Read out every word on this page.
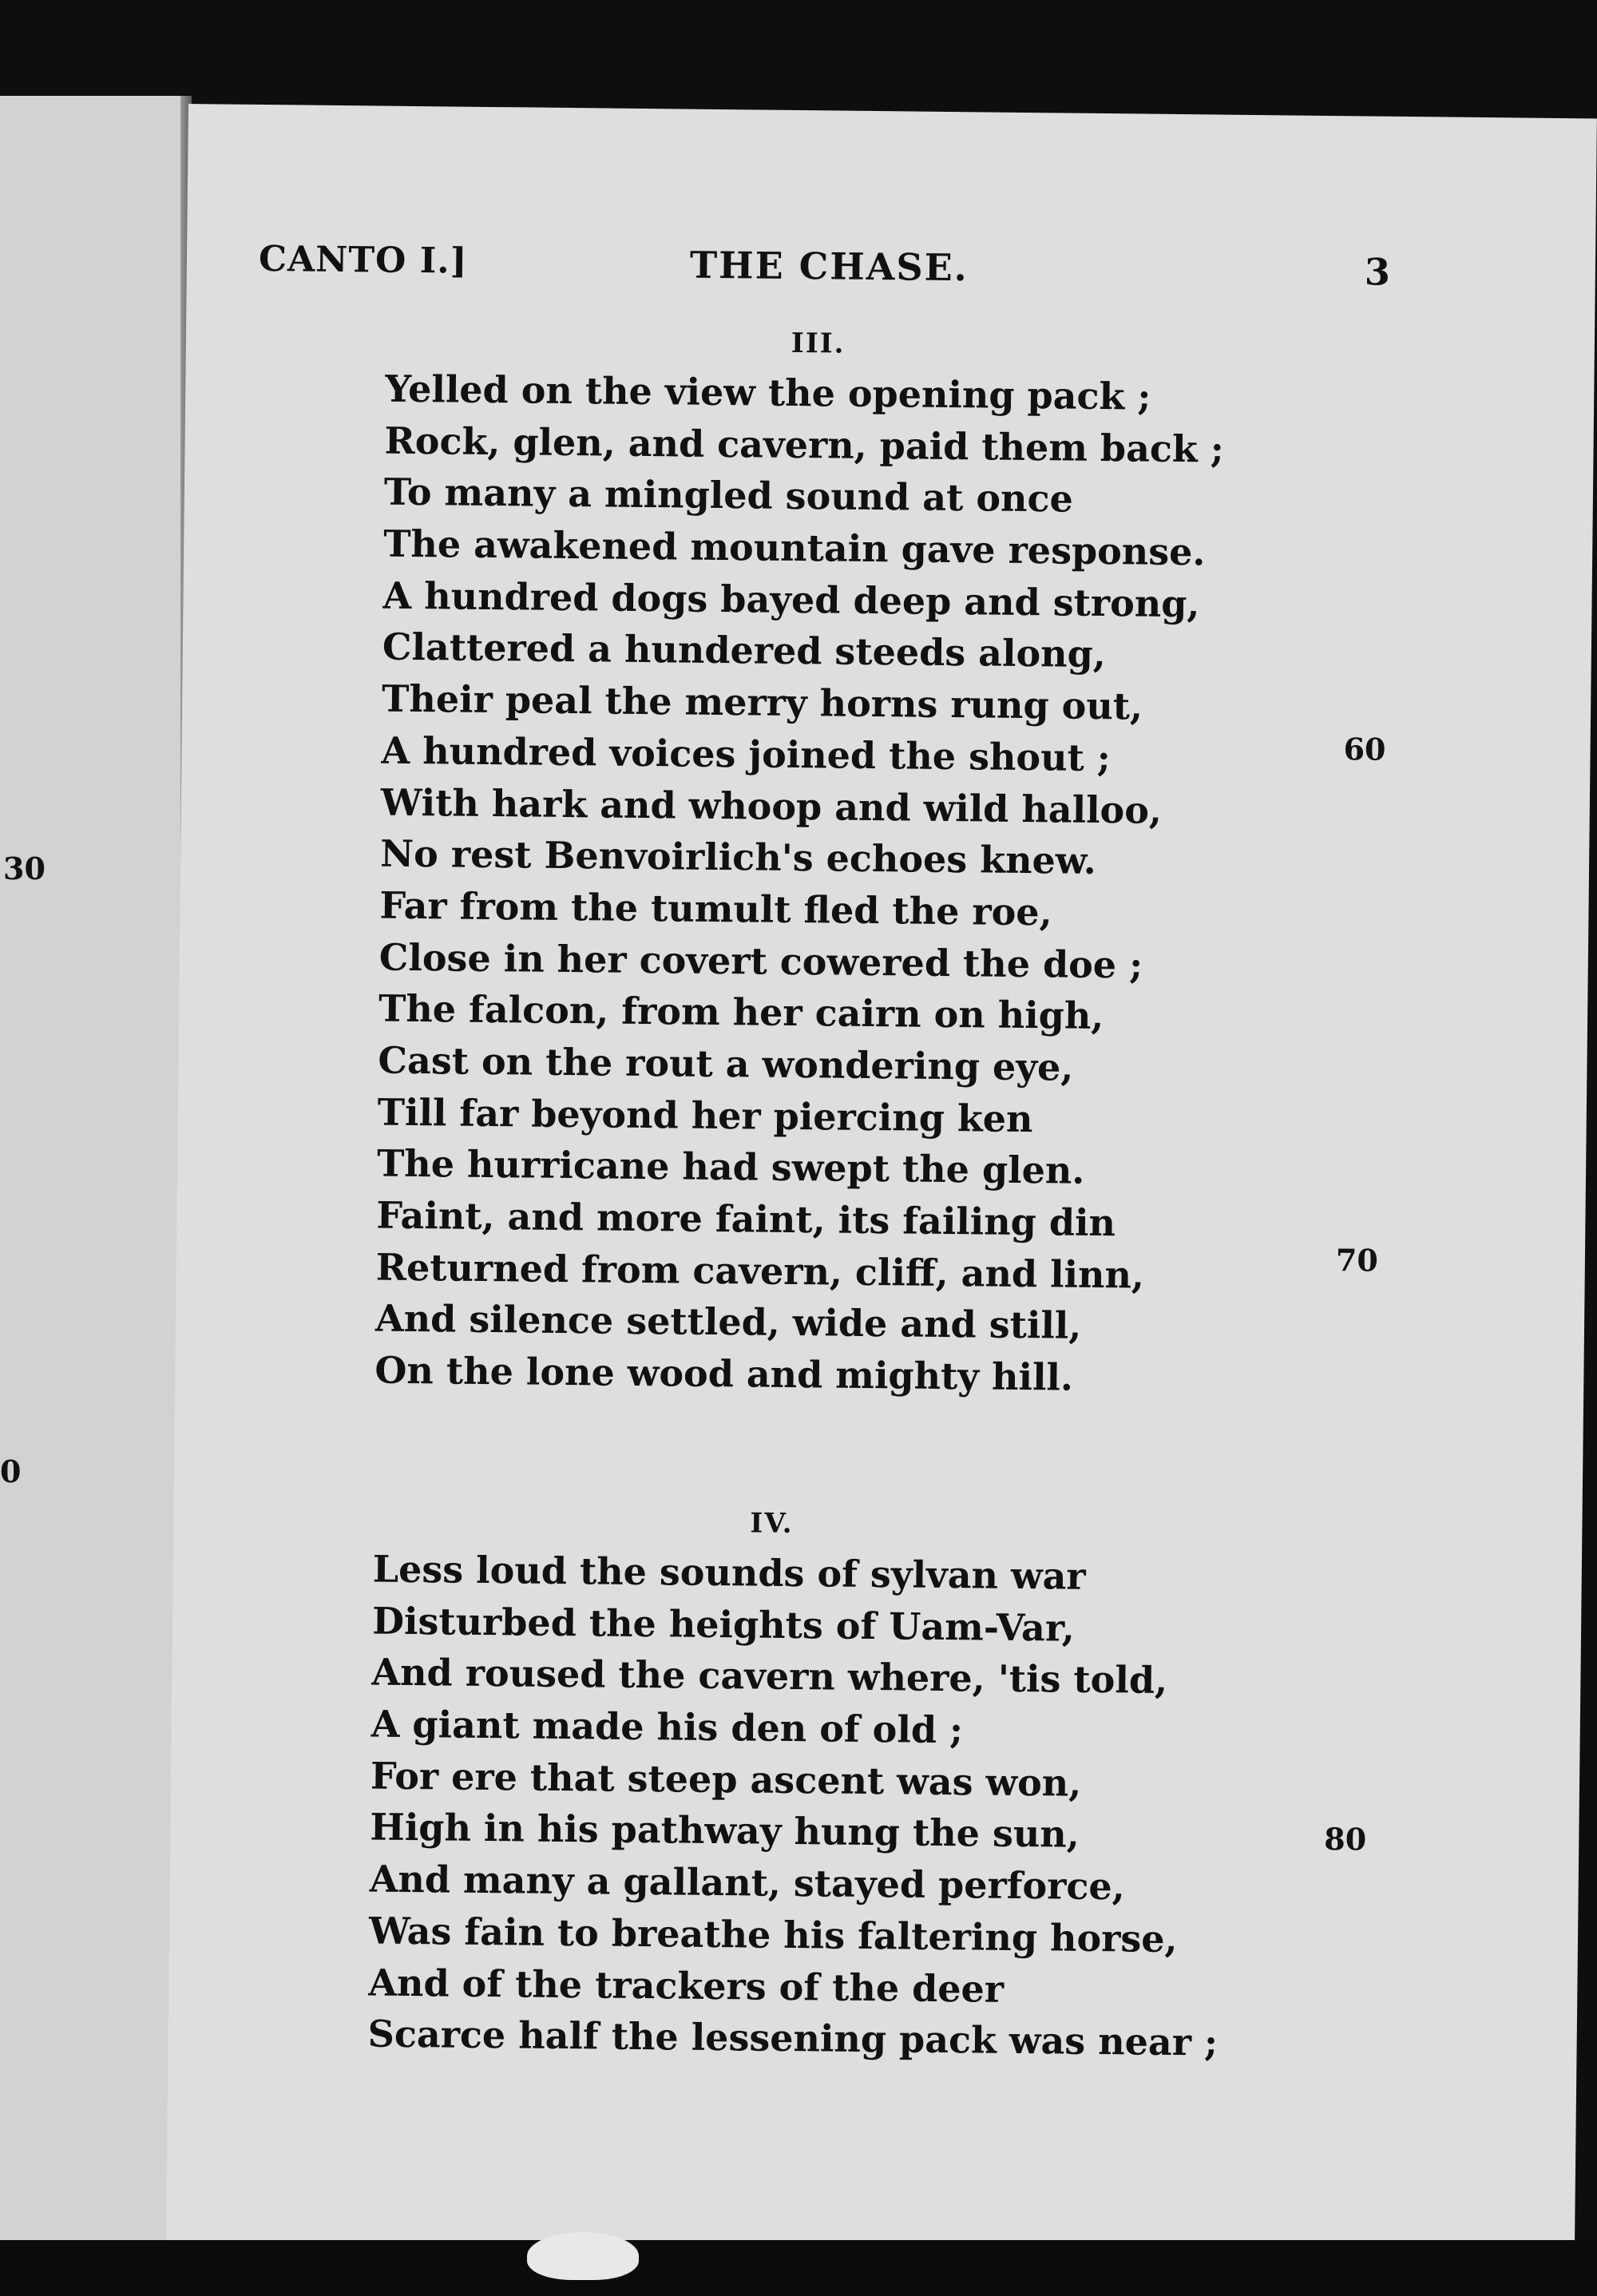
30
0
CANTO I.]	THE CHASE.	3
III.
Yelled on the view the opening pack ;
Rock, glen, and cavern, paid them back ;
To many a mingled sound at once
The awakened mountain gave response.
A hundred dogs bayed deep and strong,
Clattered a hundered steeds along,
Their peal the merry horns rung out,
A hundred voices joined the shout ;
With hark and whoop and wild halloo,
No rest Benvoirlich's echoes knew.
Far from the tumult fled the roe,
Close in her covert cowered the doe ;
The falcon, from her cairn on high,
Cast on the rout a wondering eye,
Till far beyond her piercing ken
The hurricane had swept the glen.
Faint, and more faint, its failing din
Returned from cavern, cliff, and linn,
And silence settled, wide and still,
On the lone wood and mighty hill.
IV.
Less loud the sounds of sylvan war
Disturbed the heights of Uam-Var,
And roused the cavern where, 'tis told,
A giant made his den of old ;
For ere that steep ascent was won,
High in his pathway hung the sun,
And many a gallant, stayed perforce,
Was fain to breathe his faltering horse,
And of the trackers of the deer
Scarce half the lessening pack was near ;
60
70
80
